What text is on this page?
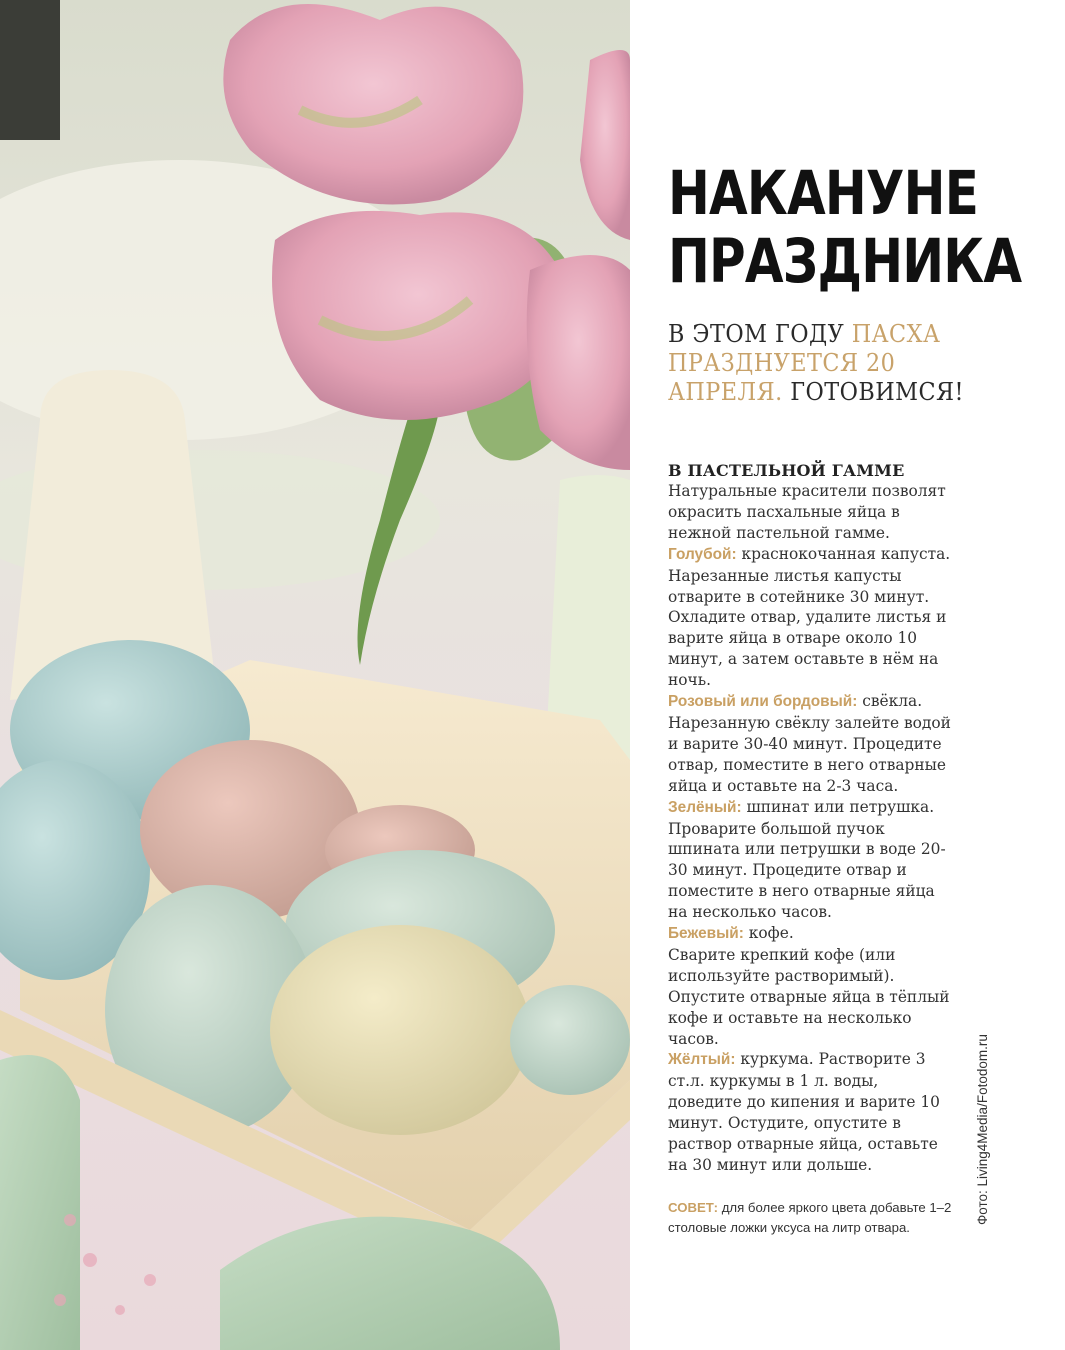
НАКАНУНЕ
ПРАЗДНИКА
В ЭТОМ ГОДУ ПАСХА ПРАЗДНУЕТСЯ 20 АПРЕЛЯ. ГОТОВИМСЯ!

В ПАСТЕЛЬНОЙ ГАММЕ

Натуральные красители позволят окрасить пасхальные яйца в нежной пастельной гамме.

Голубой: краснокочанная капуста. Нарезанные листья капусты отварите в сотейнике 30 минут. Охладите отвар, удалите листья и варите яйца в отваре около 10 минут, а затем оставьте в нём на ночь.

Розовый или бордовый: свёкла. Нарезанную свёклу залейте водой и варите 30-40 минут. Процедите отвар, поместите в него отварные яйца и оставьте на 2-3 часа.

Зелёный: шпинат или петрушка. Проварите большой пучок шпината или петрушки в воде 20-30 минут. Процедите отвар и поместите в него отварные яйца на несколько часов.

Бежевый: кофе.
Сварите крепкий кофе (или используйте растворимый). Опустите отварные яйца в тёплый кофе и оставьте на несколько часов.

Жёлтый: куркума. Растворите 3 ст.л. куркумы в 1 л. воды, доведите до кипения и варите 10 минут. Остудите, опустите в раствор отварные яйца, оставьте на 30 минут или дольше.

СОВЕТ: для более яркого цвета добавьте 1–2 столовые ложки уксуса на литр отвара.

Фото: Living4Media/Fotodom.ru
